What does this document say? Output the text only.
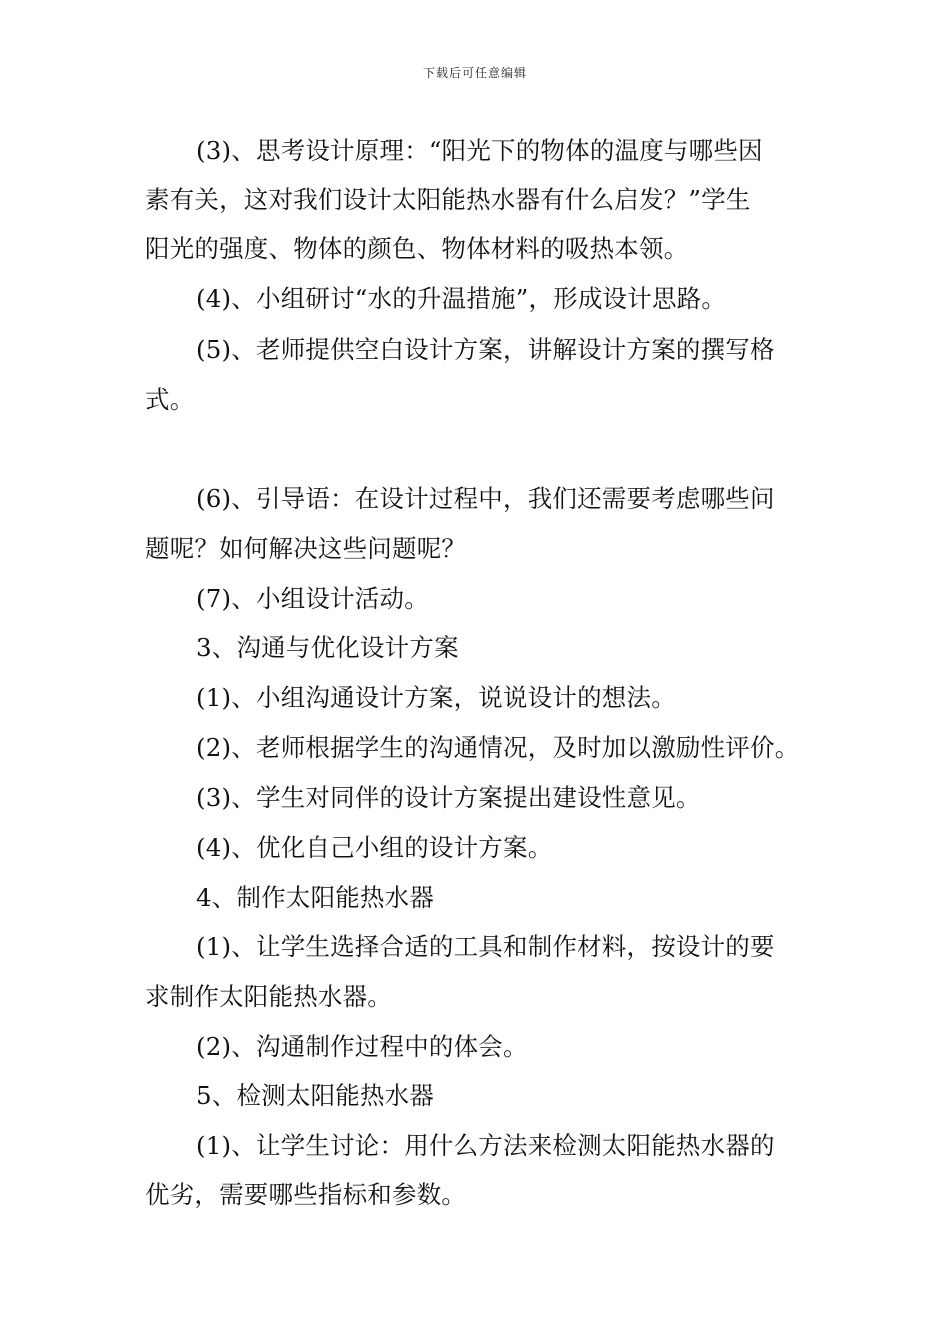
下载后可任意编辑
(3)、思考设计原理：“阳光下的物体的温度与哪些因
素有关，这对我们设计太阳能热水器有什么启发？”学生
阳光的强度、物体的颜色、物体材料的吸热本领。
(4)、小组研讨“水的升温措施”，形成设计思路。
(5)、老师提供空白设计方案，讲解设计方案的撰写格
式。
(6)、引导语：在设计过程中，我们还需要考虑哪些问
题呢？如何解决这些问题呢？
(7)、小组设计活动。
3、沟通与优化设计方案
(1)、小组沟通设计方案，说说设计的想法。
(2)、老师根据学生的沟通情况，及时加以激励性评价。
(3)、学生对同伴的设计方案提出建设性意见。
(4)、优化自己小组的设计方案。
4、制作太阳能热水器
(1)、让学生选择合适的工具和制作材料，按设计的要
求制作太阳能热水器。
(2)、沟通制作过程中的体会。
5、检测太阳能热水器
(1)、让学生讨论：用什么方法来检测太阳能热水器的
优劣，需要哪些指标和参数。
